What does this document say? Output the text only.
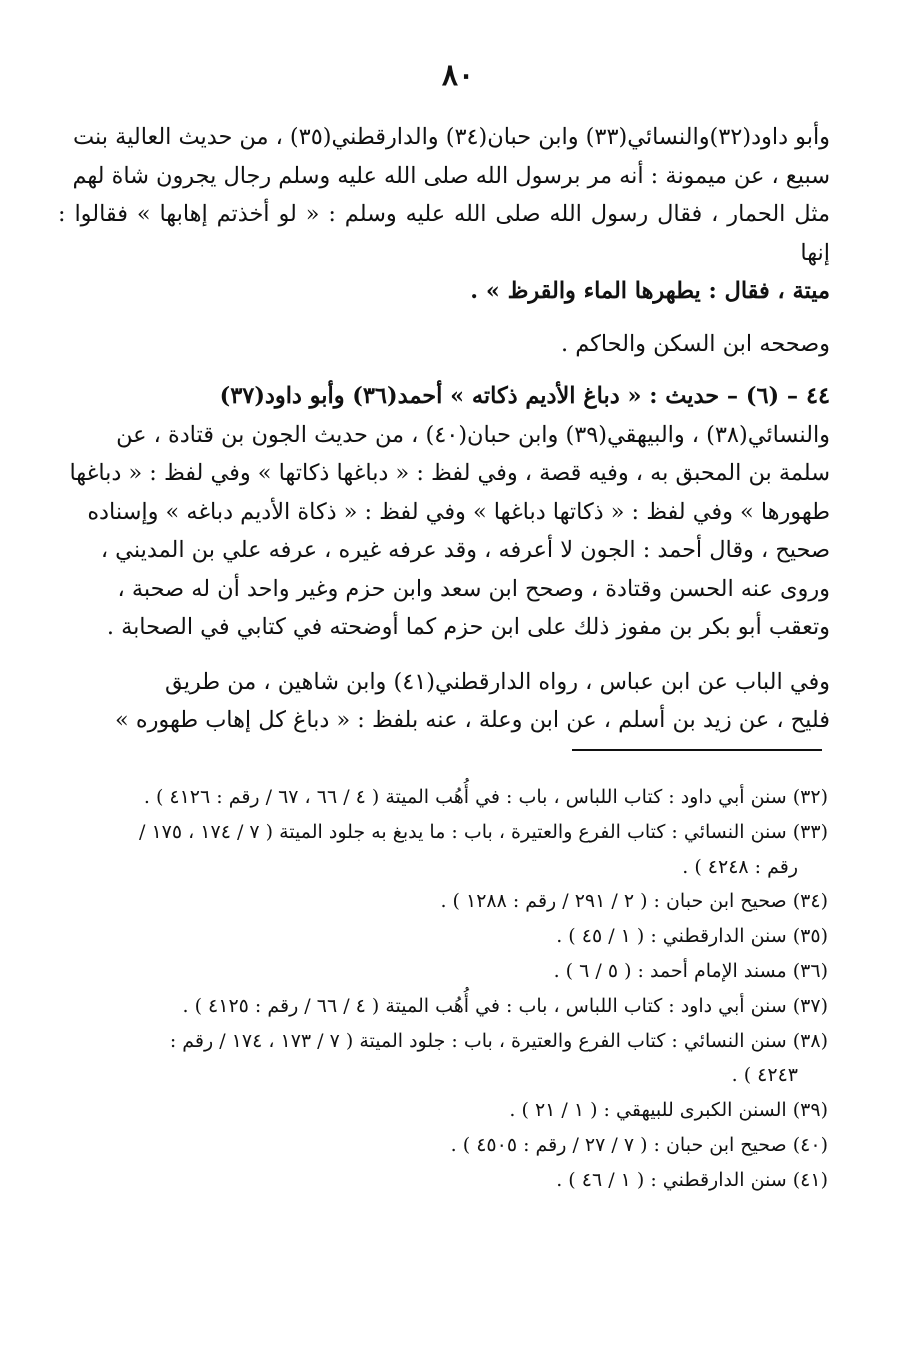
٨٠

وأبو داود(٣٢)والنسائي(٣٣) وابن حبان(٣٤) والدارقطني(٣٥) ، من حديث العالية بنت
سبيع ، عن ميمونة : أنه مر برسول الله صلى الله عليه وسلم رجال يجرون شاة لهم
مثل الحمار ، فقال رسول الله صلى الله عليه وسلم : « لو أخذتم إهابها » فقالوا : إنها
ميتة ، فقال : يطهرها الماء والقرظ » .

وصححه ابن السكن والحاكم .

٤٤ – (٦) – حديث : « دباغ الأديم ذكاته » أحمد(٣٦) وأبو داود(٣٧)
والنسائي(٣٨) ، والبيهقي(٣٩) وابن حبان(٤٠) ، من حديث الجون بن قتادة ، عن
سلمة بن المحبق به ، وفيه قصة ، وفي لفظ : « دباغها ذكاتها » وفي لفظ : « دباغها
طهورها » وفي لفظ : « ذكاتها دباغها » وفي لفظ : « ذكاة الأديم دباغه » وإسناده
صحيح ، وقال أحمد : الجون لا أعرفه ، وقد عرفه غيره ، عرفه علي بن المديني ،
وروى عنه الحسن وقتادة ، وصحح ابن سعد وابن حزم وغير واحد أن له صحبة ،
وتعقب أبو بكر بن مفوز ذلك على ابن حزم كما أوضحته في كتابي في الصحابة .

وفي الباب عن ابن عباس ، رواه الدارقطني(٤١) وابن شاهين ، من طريق
فليح ، عن زيد بن أسلم ، عن ابن وعلة ، عنه بلفظ : « دباغ كل إهاب طهوره »

(٣٢) سنن أبي داود : كتاب اللباس ، باب : في أُهُب الميتة ( ٤ / ٦٦ ، ٦٧ / رقم : ٤١٢٦ ) .
(٣٣) سنن النسائي : كتاب الفرع والعتيرة ، باب : ما يدبغ به جلود الميتة ( ٧ / ١٧٤ ، ١٧٥ /
رقم : ٤٢٤٨ ) .
(٣٤) صحيح ابن حبان : ( ٢ / ٢٩١ / رقم : ١٢٨٨ ) .
(٣٥) سنن الدارقطني : ( ١ / ٤٥ ) .
(٣٦) مسند الإمام أحمد : ( ٥ / ٦ ) .
(٣٧) سنن أبي داود : كتاب اللباس ، باب : في أُهُب الميتة ( ٤ / ٦٦ / رقم : ٤١٢٥ ) .
(٣٨) سنن النسائي : كتاب الفرع والعتيرة ، باب : جلود الميتة ( ٧ / ١٧٣ ، ١٧٤ / رقم :
٤٢٤٣ ) .
(٣٩) السنن الكبرى للبيهقي : ( ١ / ٢١ ) .
(٤٠) صحيح ابن حبان : ( ٧ / ٢٧ / رقم : ٤٥٠٥ ) .
(٤١) سنن الدارقطني : ( ١ / ٤٦ ) .
